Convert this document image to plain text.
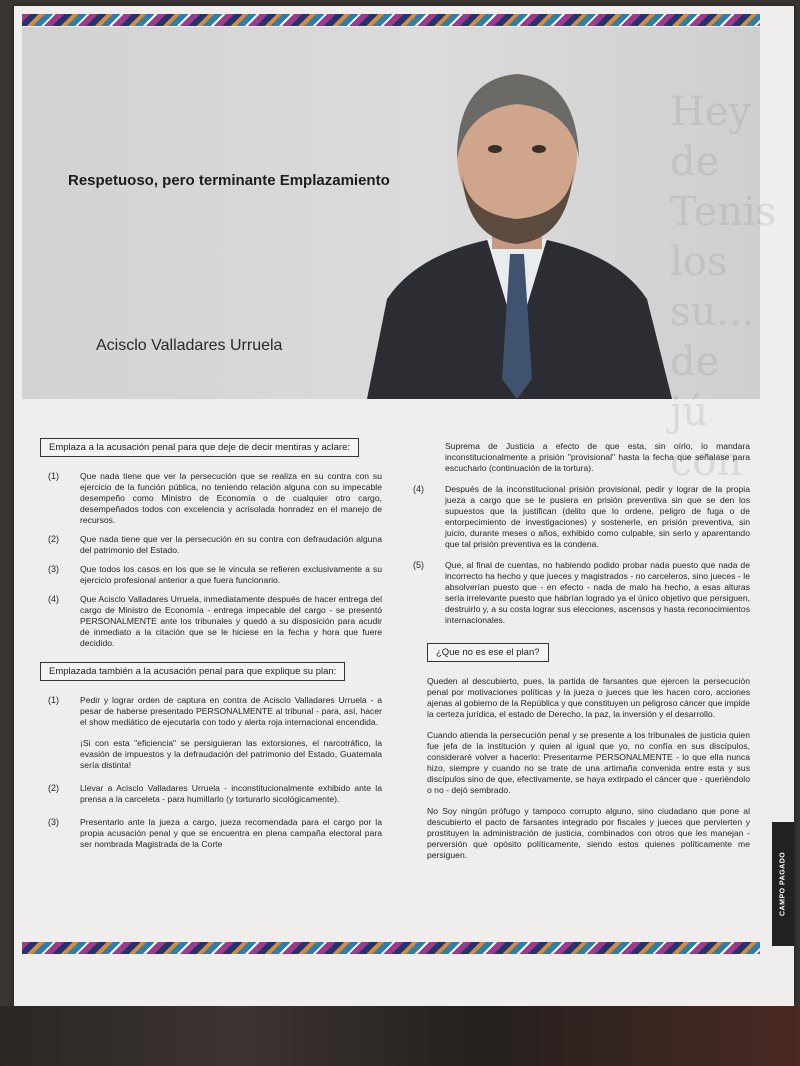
Hey de Tenis los su... de jú con
Respetuoso, pero terminante Emplazamiento
Acisclo Valladares Urruela
Emplaza a la acusación penal para que deje de decir mentiras y aclare:
(1) Que nada tiene que ver la persecución que se realiza en su contra con su ejercicio de la función pública, no teniendo relación alguna con su impecable desempeño como Ministro de Economía o de cualquier otro cargo, desempeñados todos con excelencia y acrisolada honradez en el manejo de recursos.
(2) Que nada tiene que ver la persecución en su contra con defraudación alguna del patrimonio del Estado.
(3) Que todos los casos en los que se le vincula se refieren exclusivamente a su ejercicio profesional anterior a que fuera funcionario.
(4) Que Acisclo Valladares Urruela, inmediatamente después de hacer entrega del cargo de Ministro de Economía - entrega impecable del cargo - se presentó PERSONALMENTE ante los tribunales y quedó a su disposición para acudir de inmediato a la citación que se le hiciese en la fecha y hora que fuere decidido.
Emplazada también a la acusación penal para que explique su plan:
(1) Pedir y lograr orden de captura en contra de Acisclo Valladares Urruela - a pesar de haberse presentado PERSONALMENTE al tribunal - para, así, hacer el show mediático de ejecutarla con todo y alerta roja internacional encendida.
¡Si con esta "eficiencia" se persiguieran las extorsiones, el narcotráfico, la evasión de impuestos y la defraudación del patrimonio del Estado, Guatemala sería distinta!
(2) Llevar a Acisclo Valladares Urruela - inconstitucionalmente exhibido ante la prensa a la carceleta - para humillarlo (y torturarlo sicológicamente).
(3) Presentarlo ante la jueza a cargo, jueza recomendada para el cargo por la propia acusación penal y que se encuentra en plena campaña electoral para ser nombrada Magistrada de la Corte
Suprema de Justicia a efecto de que esta, sin oírlo, lo mandara inconstitucionalmente a prisión "provisional" hasta la fecha que señalase para escucharlo (continuación de la tortura).
(4) Después de la inconstitucional prisión provisional, pedir y lograr de la propia jueza a cargo que se le pusiera en prisión preventiva sin que se den los supuestos que la justifican (delito que lo ordene, peligro de fuga o de entorpecimiento de investigaciones) y sostenerle, en prisión preventiva, sin juicio, durante meses o años, exhibido como culpable, sin serlo y aparentando que tal prisión preventiva es la condena.
(5) Que, al final de cuentas, no habiendo podido probar nada puesto que nada de incorrecto ha hecho y que jueces y magistrados - no carceleros, sino jueces - le absolverían puesto que - en efecto - nada de malo ha hecho, a esas alturas sería irrelevante puesto que habrían logrado ya el único objetivo que persiguen, destruirlo y, a su costa lograr sus elecciones, ascensos y hasta reconocimientos internacionales.
¿Que no es ese el plan?
Queden al descubierto, pues, la partida de farsantes que ejercen la persecución penal por motivaciones políticas y la jueza o jueces que les hacen coro, acciones ajenas al gobierno de la República y que constituyen un peligroso cáncer que impide la certeza jurídica, el estado de Derecho, la paz, la inversión y el desarrollo.
Cuando atienda la persecución penal y se presente a los tribunales de justicia quien fue jefa de la institución y quien al igual que yo, no confía en sus discípulos, consideraré volver a hacerlo: Presentarme PERSONALMENTE - lo que ella nunca hizo, siempre y cuando no se trate de una artimaña convenida entre esta y sus discípulos sino de que, efectivamente, se haya extirpado el cáncer que - queriéndolo o no - dejó sembrado.
No Soy ningún prófugo y tampoco corrupto alguno, sino ciudadano que pone al descubierto el pacto de farsantes integrado por fiscales y jueces que pervierten y prostituyen la administración de justicia, combinados con otros que les manejan - perversión que opósito políticamente, siendo estos quienes políticamente me persiguen.	CAMPO PAGADO
